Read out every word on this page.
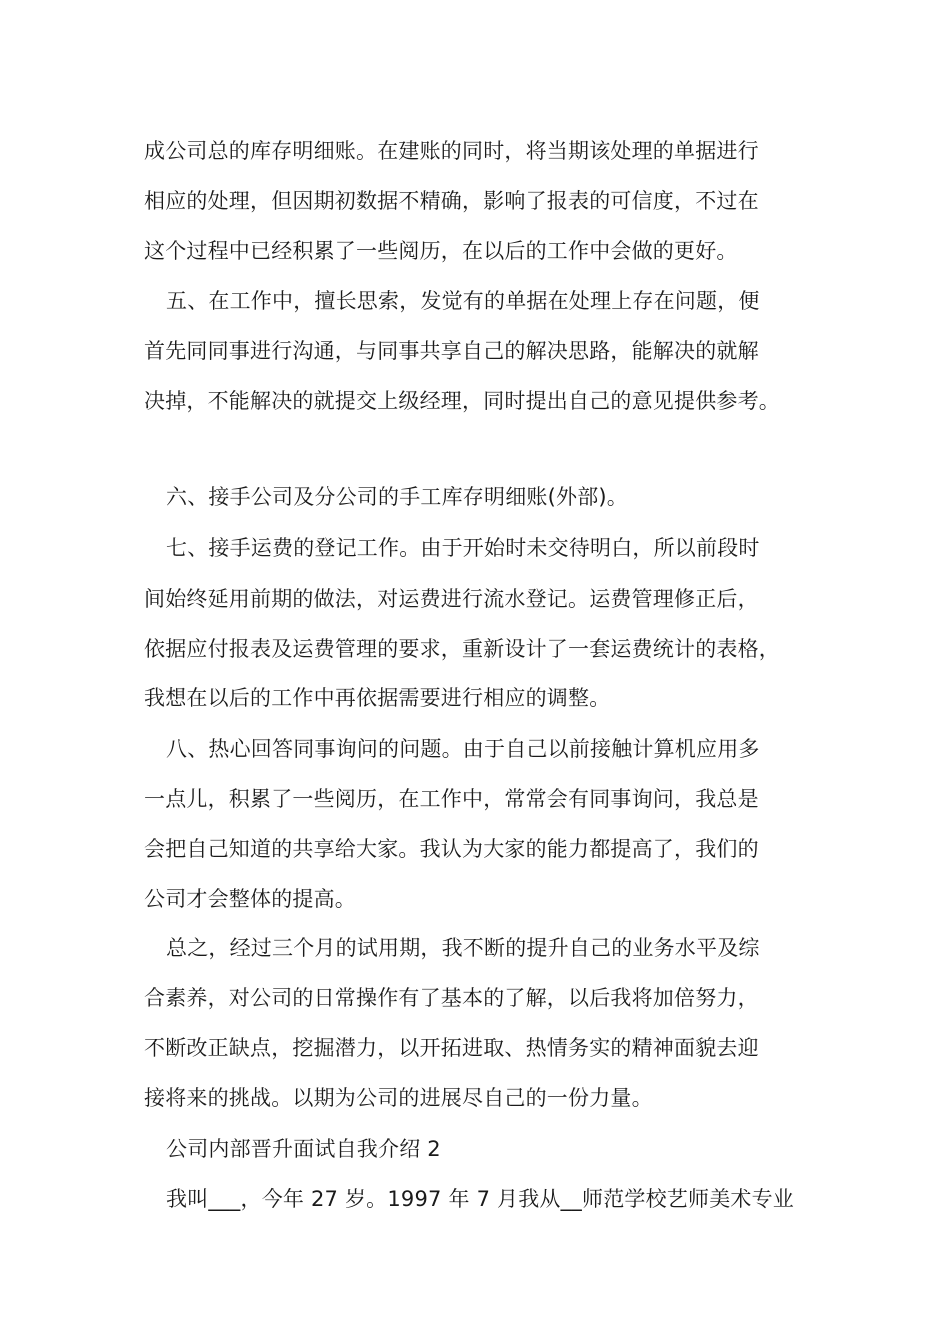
成公司总的库存明细账。在建账的同时，将当期该处理的单据进行

相应的处理，但因期初数据不精确，影响了报表的可信度，不过在

这个过程中已经积累了一些阅历，在以后的工作中会做的更好。

五、在工作中，擅长思索，发觉有的单据在处理上存在问题，便

首先同同事进行沟通，与同事共享自己的解决思路，能解决的就解

决掉，不能解决的就提交上级经理，同时提出自己的意见提供参考。

六、接手公司及分公司的手工库存明细账(外部)。

七、接手运费的登记工作。由于开始时未交待明白，所以前段时

间始终延用前期的做法，对运费进行流水登记。运费管理修正后，

依据应付报表及运费管理的要求，重新设计了一套运费统计的表格，

我想在以后的工作中再依据需要进行相应的调整。

八、热心回答同事询问的问题。由于自己以前接触计算机应用多

一点儿，积累了一些阅历，在工作中，常常会有同事询问，我总是

会把自己知道的共享给大家。我认为大家的能力都提高了，我们的

公司才会整体的提高。

总之，经过三个月的试用期，我不断的提升自己的业务水平及综

合素养，对公司的日常操作有了基本的了解，以后我将加倍努力，

不断改正缺点，挖掘潜力，以开拓进取、热情务实的精神面貌去迎

接将来的挑战。以期为公司的进展尽自己的一份力量。

公司内部晋升面试自我介绍 2

我叫___，今年 27 岁。1997 年 7 月我从__师范学校艺师美术专业
